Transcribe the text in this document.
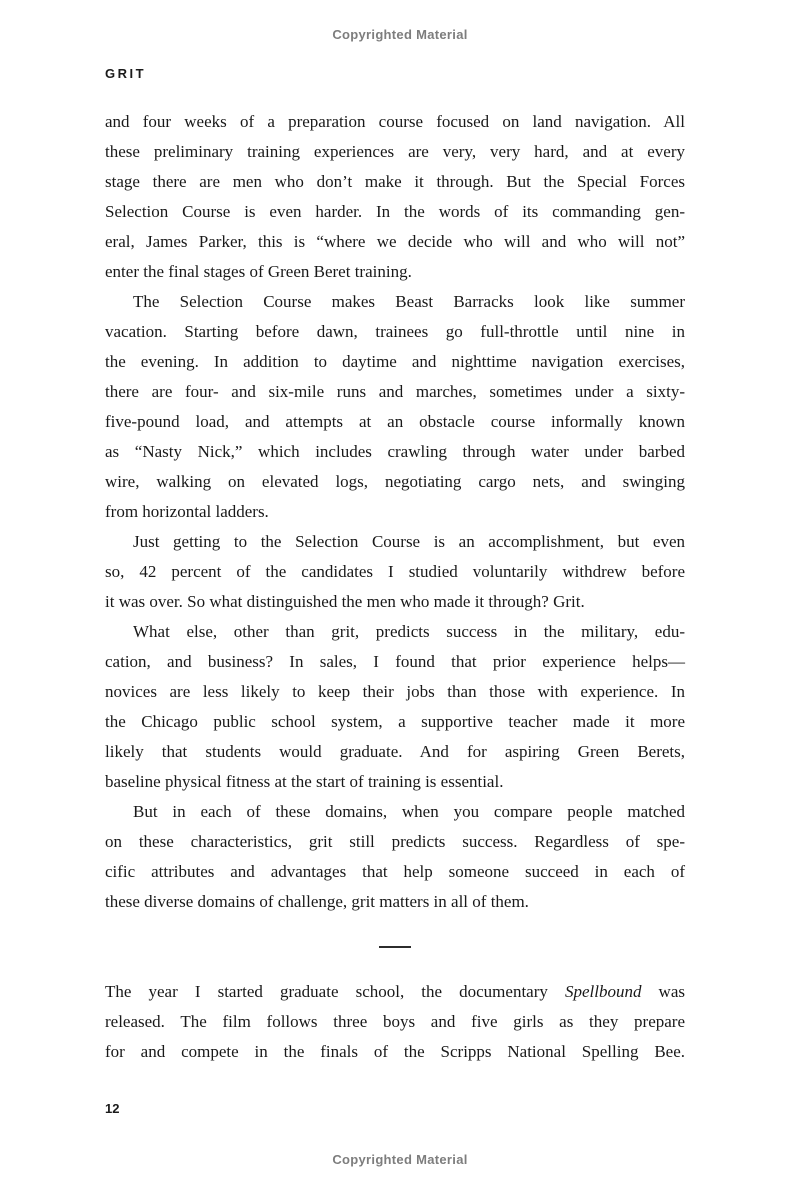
Copyrighted Material
GRIT
and four weeks of a preparation course focused on land navigation. All
these preliminary training experiences are very, very hard, and at every
stage there are men who don’t make it through. But the Special Forces
Selection Course is even harder. In the words of its commanding gen-
eral, James Parker, this is “where we decide who will and who will not”
enter the final stages of Green Beret training.
The Selection Course makes Beast Barracks look like summer
vacation. Starting before dawn, trainees go full-throttle until nine in
the evening. In addition to daytime and nighttime navigation exercises,
there are four- and six-mile runs and marches, sometimes under a sixty-
five-pound load, and attempts at an obstacle course informally known
as “Nasty Nick,” which includes crawling through water under barbed
wire, walking on elevated logs, negotiating cargo nets, and swinging
from horizontal ladders.
Just getting to the Selection Course is an accomplishment, but even
so, 42 percent of the candidates I studied voluntarily withdrew before
it was over. So what distinguished the men who made it through? Grit.
What else, other than grit, predicts success in the military, edu-
cation, and business? In sales, I found that prior experience helps—
novices are less likely to keep their jobs than those with experience. In
the Chicago public school system, a supportive teacher made it more
likely that students would graduate. And for aspiring Green Berets,
baseline physical fitness at the start of training is essential.
But in each of these domains, when you compare people matched
on these characteristics, grit still predicts success. Regardless of spe-
cific attributes and advantages that help someone succeed in each of
these diverse domains of challenge, grit matters in all of them.
The year I started graduate school, the documentary Spellbound was
released. The film follows three boys and five girls as they prepare
for and compete in the finals of the Scripps National Spelling Bee.
12
Copyrighted Material
